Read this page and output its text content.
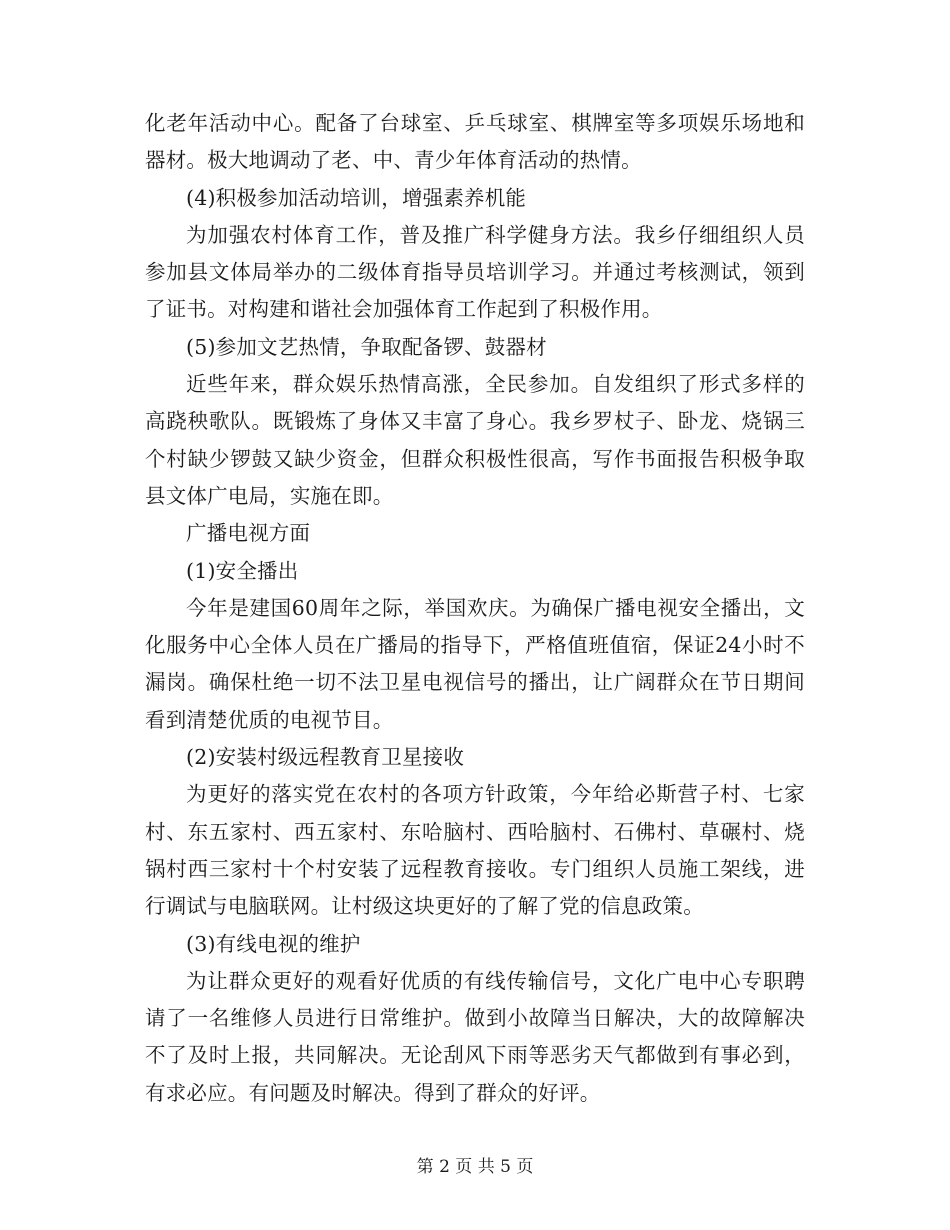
化老年活动中心。配备了台球室、乒乓球室、棋牌室等多项娱乐场地和器材。极大地调动了老、中、青少年体育活动的热情。

(4)积极参加活动培训，增强素养机能

为加强农村体育工作，普及推广科学健身方法。我乡仔细组织人员参加县文体局举办的二级体育指导员培训学习。并通过考核测试，领到了证书。对构建和谐社会加强体育工作起到了积极作用。

(5)参加文艺热情，争取配备锣、鼓器材

近些年来，群众娱乐热情高涨，全民参加。自发组织了形式多样的高跷秧歌队。既锻炼了身体又丰富了身心。我乡罗杖子、卧龙、烧锅三个村缺少锣鼓又缺少资金，但群众积极性很高，写作书面报告积极争取县文体广电局，实施在即。

广播电视方面

(1)安全播出

今年是建国60周年之际，举国欢庆。为确保广播电视安全播出，文化服务中心全体人员在广播局的指导下，严格值班值宿，保证24小时不漏岗。确保杜绝一切不法卫星电视信号的播出，让广阔群众在节日期间看到清楚优质的电视节目。

(2)安装村级远程教育卫星接收

为更好的落实党在农村的各项方针政策，今年给必斯营子村、七家村、东五家村、西五家村、东哈脑村、西哈脑村、石佛村、草碾村、烧锅村西三家村十个村安装了远程教育接收。专门组织人员施工架线，进行调试与电脑联网。让村级这块更好的了解了党的信息政策。

(3)有线电视的维护

为让群众更好的观看好优质的有线传输信号，文化广电中心专职聘请了一名维修人员进行日常维护。做到小故障当日解决，大的故障解决不了及时上报，共同解决。无论刮风下雨等恶劣天气都做到有事必到，有求必应。有问题及时解决。得到了群众的好评。

第 2 页 共 5 页
